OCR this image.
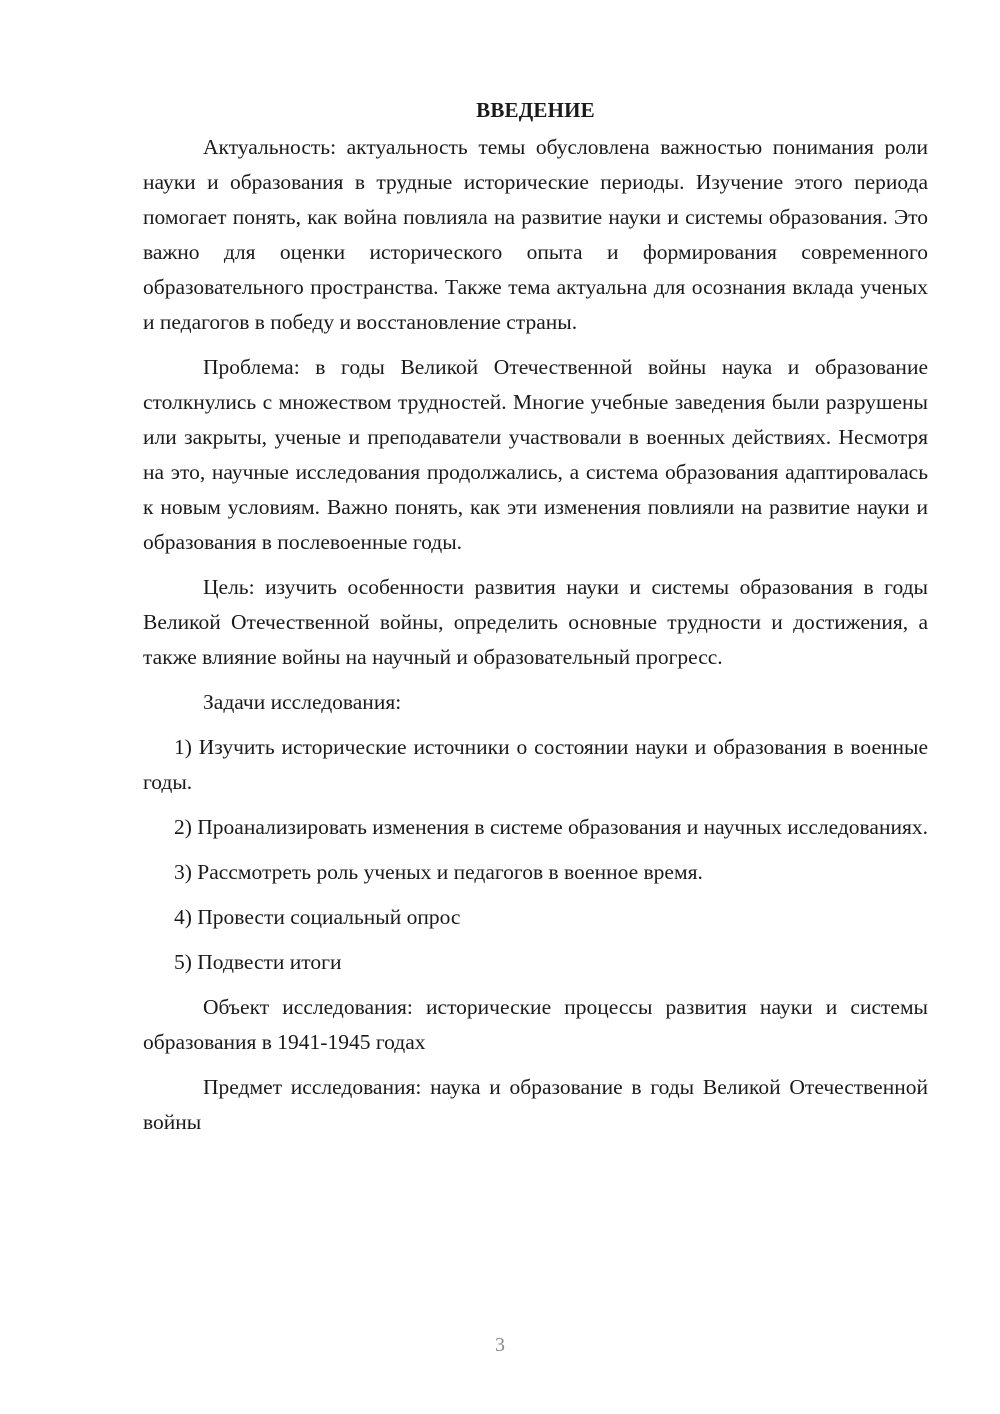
ВВЕДЕНИЕ

Актуальность: актуальность темы обусловлена важностью понимания роли науки и образования в трудные исторические периоды. Изучение этого периода помогает понять, как война повлияла на развитие науки и системы образования. Это важно для оценки исторического опыта и формирования современного образовательного пространства. Также тема актуальна для осознания вклада ученых и педагогов в победу и восстановление страны.

Проблема: в годы Великой Отечественной войны наука и образование столкнулись с множеством трудностей. Многие учебные заведения были разрушены или закрыты, ученые и преподаватели участвовали в военных действиях. Несмотря на это, научные исследования продолжались, а система образования адаптировалась к новым условиям. Важно понять, как эти изменения повлияли на развитие науки и образования в послевоенные годы.

Цель: изучить особенности развития науки и системы образования в годы Великой Отечественной войны, определить основные трудности и достижения, а также влияние войны на научный и образовательный прогресс.

Задачи исследования:

1) Изучить исторические источники о состоянии науки и образования в военные годы.

2) Проанализировать изменения в системе образования и научных исследованиях.

3) Рассмотреть роль ученых и педагогов в военное время.

4) Провести социальный опрос

5) Подвести итоги

Объект исследования: исторические процессы развития науки и системы образования в 1941-1945 годах

Предмет исследования: наука и образование в годы Великой Отечественной войны

3
